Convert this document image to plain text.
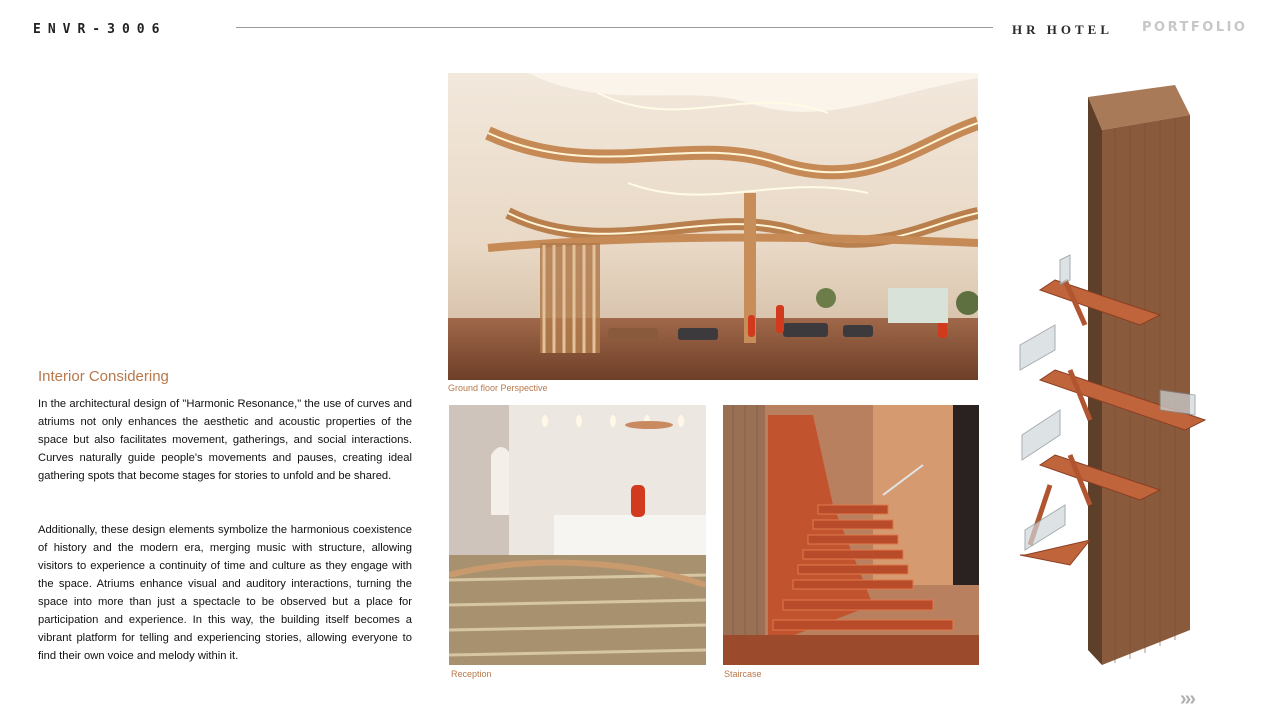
ENVR-3006	HR HOTEL PORTFOLIO
Interior Considering
In the architectural design of "Harmonic Resonance," the use of curves and atriums not only enhances the aesthetic and acoustic properties of the space but also facilitates movement, gatherings, and social interactions. Curves naturally guide people's movements and pauses, creating ideal gathering spots that become stages for stories to unfold and be shared.
Additionally, these design elements symbolize the harmonious coexistence of history and the modern era, merging music with structure, allowing visitors to experience a continuity of time and culture as they engage with the space. Atriums enhance visual and auditory interactions, turning the space into more than just a spectacle to be observed but a place for participation and experience. In this way, the building itself becomes a vibrant platform for telling and experiencing stories, allowing everyone to find their own voice and melody within it.
Ground floor Perspective
Reception	Staircase
›››
